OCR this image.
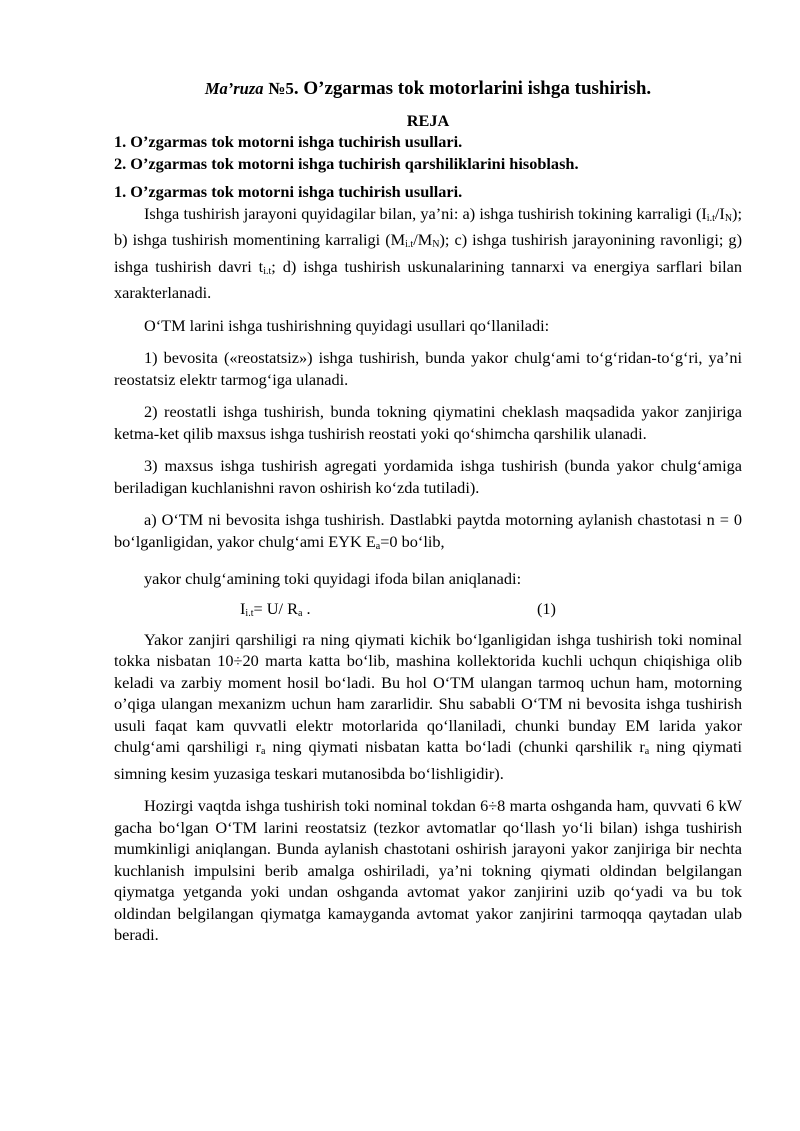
Ma’ruza №5. O’zgarmas tok motorlarini ishga tushirish.
REJA
1. O’zgarmas tok motorni ishga tuchirish usullari.
2. O’zgarmas tok motorni ishga tuchirish qarshiliklarini hisoblash.
1. O’zgarmas tok motorni ishga tuchirish usullari.

Ishga tushirish jarayoni quyidagilar bilan, ya’ni: a) ishga tushirish tokining karraligi $(I_{i.t}/I_N)$; b) ishga tushirish momentining karraligi $(M_{i.t}/M_N)$; c) ishga tushirish jarayonining ravonligi; g) ishga tushirish davri $t_{i.t}$; d) ishga tushirish uskunalarining tannarxi va energiya sarflari bilan xarakterlanadi.

O‘TM larini ishga tushirishning quyidagi usullari qo‘llaniladi:

1) bevosita («reostatsiz») ishga tushirish, bunda yakor chulg‘ami to‘g‘ridan-to‘g‘ri, ya’ni reostatsiz elektr tarmog‘iga ulanadi.

2) reostatli ishga tushirish, bunda tokning qiymatini cheklash maqsadida yakor zanjiriga ketma-ket qilib maxsus ishga tushirish reostati yoki qo‘shimcha qarshilik ulanadi.

3) maxsus ishga tushirish agregati yordamida ishga tushirish (bunda yakor chulg‘amiga beriladigan kuchlanishni ravon oshirish ko‘zda tutiladi).

a) O‘TM ni bevosita ishga tushirish. Dastlabki paytda motorning aylanish chastotasi n = 0 bo‘lganligidan, yakor chulg‘ami EYK $E_a=0$ bo‘lib,

yakor chulg‘amining toki quyidagi ifoda bilan aniqlanadi:

$I_{i.t}= U/$ $R_a$ .	(1)

Yakor zanjiri qarshiligi ra ning qiymati kichik bo‘lganligidan ishga tushirish toki nominal tokka nisbatan 10÷20 marta katta bo‘lib, mashina kollektorida kuchli uchqun chiqishiga olib keladi va zarbiy moment hosil bo‘ladi. Bu hol O‘TM ulangan tarmoq uchun ham, motorning o’qiga ulangan mexanizm uchun ham zararlidir. Shu sababli O‘TM ni bevosita ishga tushirish usuli faqat kam quvvatli elektr motorlarida qo‘llaniladi, chunki bunday EM larida yakor chulg‘ami qarshiligi $r_a$ ning qiymati nisbatan katta bo‘ladi (chunki qarshilik $r_a$ ning qiymati simning kesim yuzasiga teskari mutanosibda bo‘lishligidir).

Hozirgi vaqtda ishga tushirish toki nominal tokdan 6÷8 marta oshganda ham, quvvati 6 kW gacha bo‘lgan O‘TM larini reostatsiz (tezkor avtomatlar qo‘llash yo‘li bilan) ishga tushirish mumkinligi aniqlangan. Bunda aylanish chastotani oshirish jarayoni yakor zanjiriga bir nechta kuchlanish impulsini berib amalga oshiriladi, ya’ni tokning qiymati oldindan belgilangan qiymatga yetganda yoki undan oshganda avtomat yakor zanjirini uzib qo‘yadi va bu tok oldindan belgilangan qiymatga kamayganda avtomat yakor zanjirini tarmoqqa qaytadan ulab beradi.
